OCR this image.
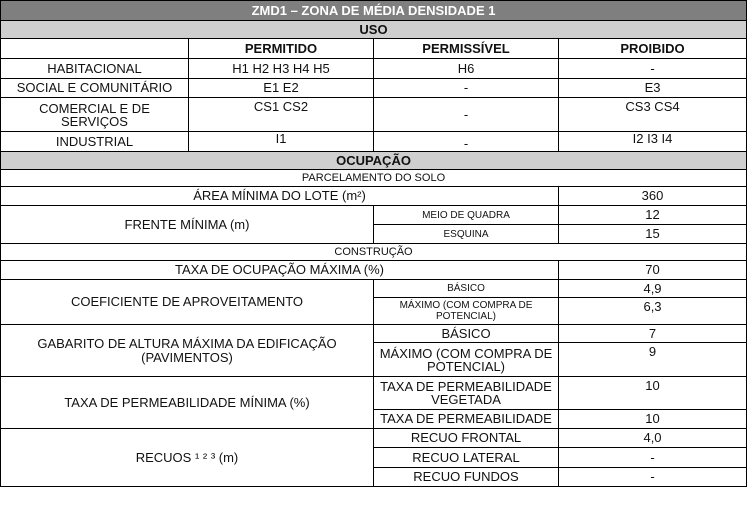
ZMD1 – ZONA DE MÉDIA DENSIDADE 1			
USO			
	PERMITIDO	PERMISSÍVEL	PROIBIDO
HABITACIONAL	H1 H2 H3 H4 H5	H6	-
SOCIAL E COMUNITÁRIO	E1 E2	-	E3
COMERCIAL E DE SERVIÇOS	CS1 CS2	-	CS3 CS4
INDUSTRIAL	I1	-	I2 I3 I4
OCUPAÇÃO			
PARCELAMENTO DO SOLO			
ÁREA MÍNIMA DO LOTE (m²)			360
FRENTE MÍNIMA (m)		MEIO DE QUADRA	12
		ESQUINA	15
CONSTRUÇÃO			
TAXA DE OCUPAÇÃO MÁXIMA (%)			70
COEFICIENTE DE APROVEITAMENTO		BÁSICO	4,9
		MÁXIMO (COM COMPRA DE POTENCIAL)	6,3
GABARITO DE ALTURA MÁXIMA DA EDIFICAÇÃO (PAVIMENTOS)		BÁSICO	7
		MÁXIMO (COM COMPRA DE POTENCIAL)	9
TAXA DE PERMEABILIDADE MÍNIMA (%)		TAXA DE PERMEABILIDADE VEGETADA	10
		TAXA DE PERMEABILIDADE	10
RECUOS ¹ ² ³ (m)		RECUO FRONTAL	4,0
		RECUO LATERAL	-
		RECUO FUNDOS	-
